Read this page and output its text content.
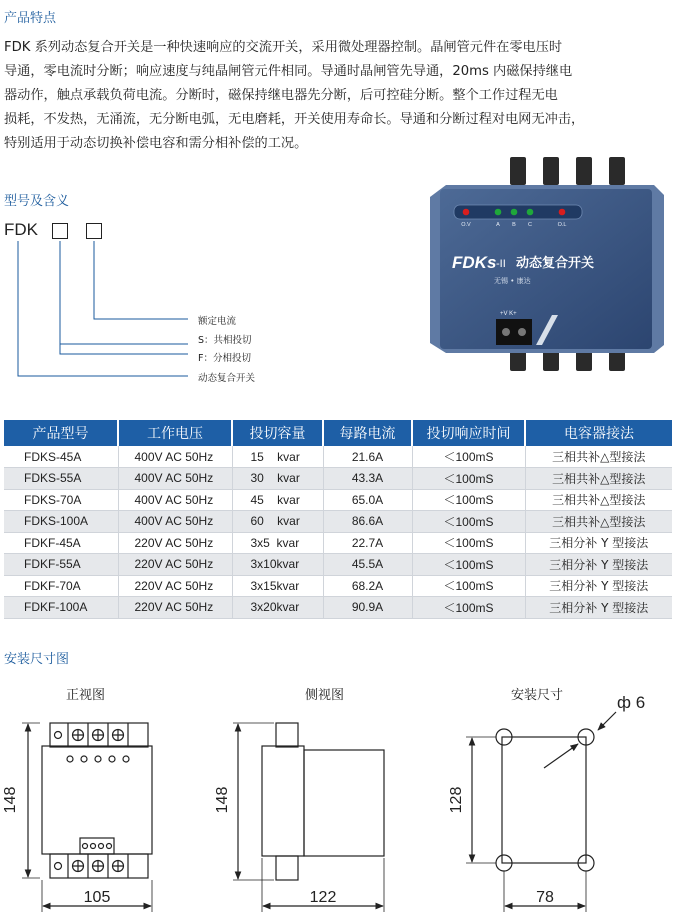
产品特点
FDK 系列动态复合开关是一种快速响应的交流开关，采用微处理器控制。晶闸管元件在零电压时
导通，零电流时分断；响应速度与纯晶闸管元件相同。导通时晶闸管先导通，20ms 内磁保持继电
器动作，触点承载负荷电流。分断时，磁保持继电器先分断，后可控硅分断。整个工作过程无电
损耗，不发热，无涌流，无分断电弧，无电磨耗，开关使用寿命长。导通和分断过程对电网无冲击，
特别适用于动态切换补偿电容和需分相补偿的工况。
型号及含义
FDK
额定电流
S：共相投切
F：分相投切
动态复合开关
O.V	A B C	O.L
FDKs -II 动态复合开关
无锡 • 康达
+V K+
产品型号	工作电压	投切容量	每路电流	投切响应时间	电容器接法
FDKS-45A	400V AC 50Hz	15    kvar	21.6A	＜100mS	三相共补△型接法
FDKS-55A	400V AC 50Hz	30    kvar	43.3A	＜100mS	三相共补△型接法
FDKS-70A	400V AC 50Hz	45    kvar	65.0A	＜100mS	三相共补△型接法
FDKS-100A	400V AC 50Hz	60    kvar	86.6A	＜100mS	三相共补△型接法
FDKF-45A	220V AC 50Hz	3x5  kvar	22.7A	＜100mS	三相分补 Y 型接法
FDKF-55A	220V AC 50Hz	3x10kvar	45.5A	＜100mS	三相分补 Y 型接法
FDKF-70A	220V AC 50Hz	3x15kvar	68.2A	＜100mS	三相分补 Y 型接法
FDKF-100A	220V AC 50Hz	3x20kvar	90.9A	＜100mS	三相分补 Y 型接法
安装尺寸图
正视图	侧视图	安装尺寸
148
105
148
122
128
78
ф 6
